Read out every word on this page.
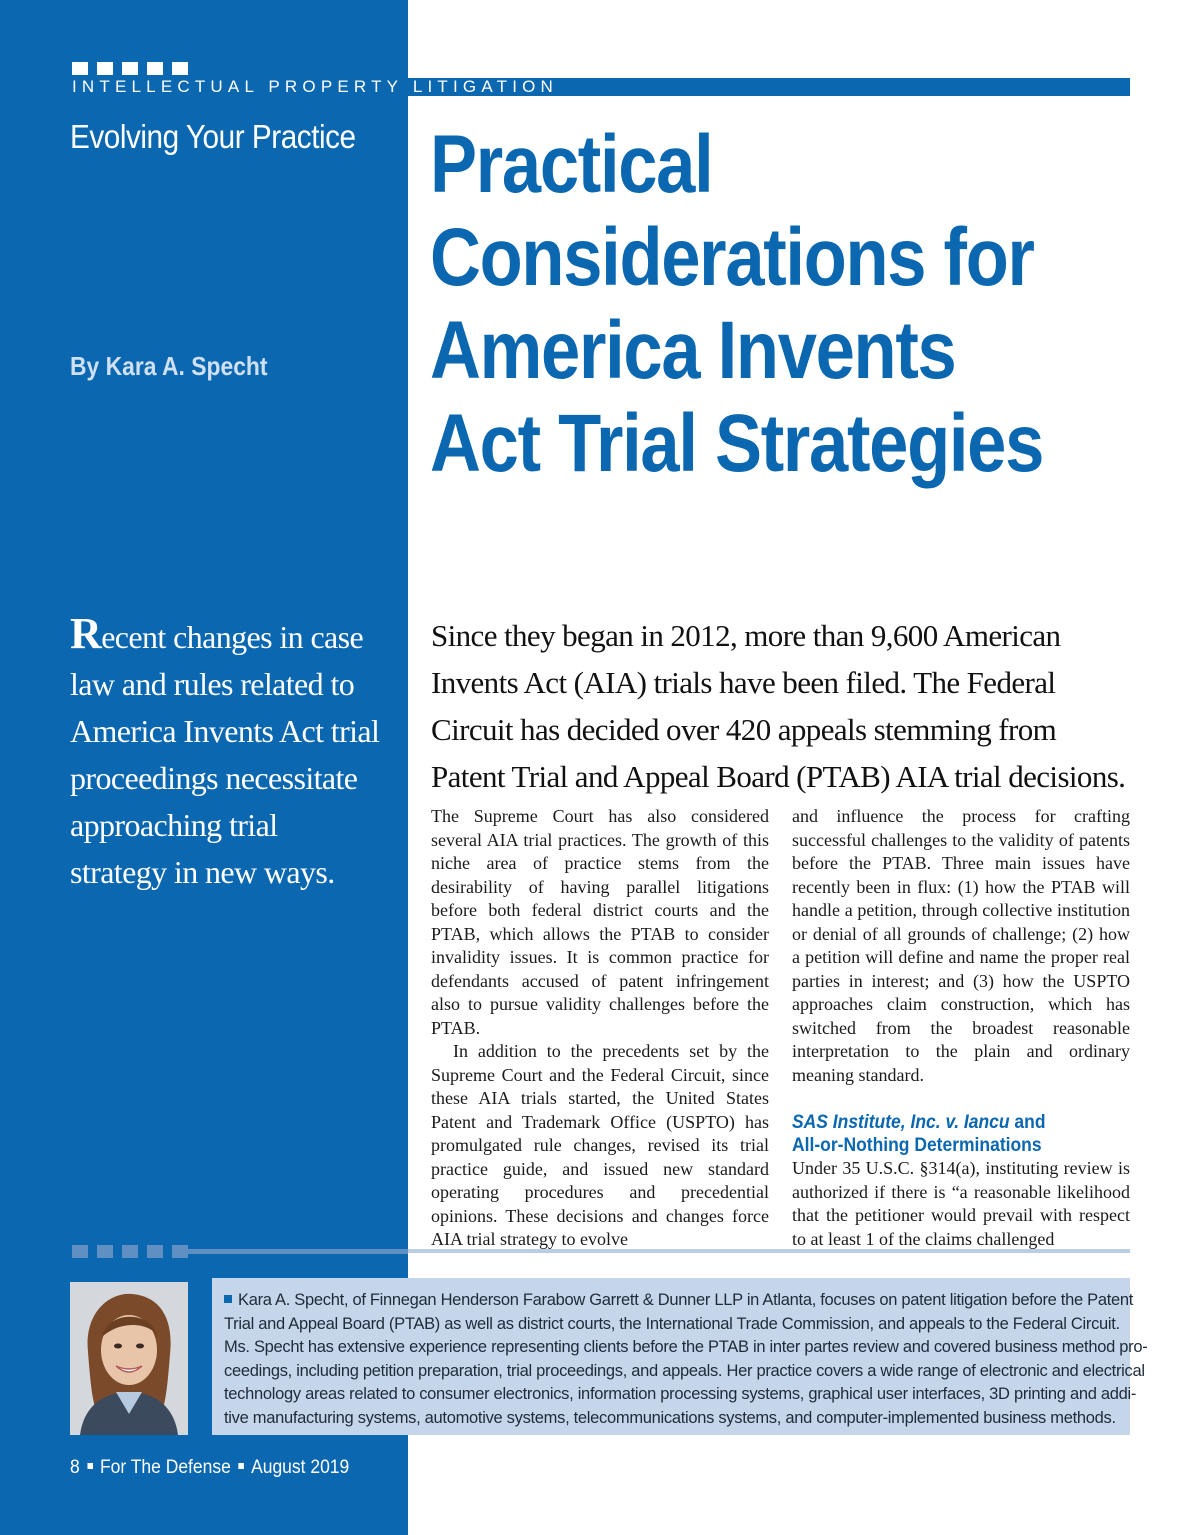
INTELLECTUAL PROPERTY LITIGATION
Evolving Your Practice
By Kara A. Specht
Practical
Considerations for
America Invents
Act Trial Strategies
Recent changes in case
law and rules related to
America Invents Act trial
proceedings necessitate
approaching trial
strategy in new ways.
Since they began in 2012, more than 9,600 American
Invents Act (AIA) trials have been filed. The Federal
Circuit has decided over 420 appeals stemming from
Patent Trial and Appeal Board (PTAB) AIA trial decisions.

The Supreme Court has also considered several AIA trial practices. The growth of this niche area of practice stems from the desirability of having parallel litigations before both federal district courts and the PTAB, which allows the PTAB to consider invalidity issues. It is common practice for defendants accused of patent infringement also to pursue validity challenges before the PTAB.

In addition to the precedents set by the Supreme Court and the Federal Circuit, since these AIA trials started, the United States Patent and Trademark Office (USPTO) has promulgated rule changes, revised its trial practice guide, and issued new standard operating procedures and precedential opinions. These decisions and changes force AIA trial strategy to evolve

and influence the process for crafting successful challenges to the validity of patents before the PTAB. Three main issues have recently been in flux: (1) how the PTAB will handle a petition, through collective institution or denial of all grounds of challenge; (2) how a petition will define and name the proper real parties in interest; and (3) how the USPTO approaches claim construction, which has switched from the broadest reasonable interpretation to the plain and ordinary meaning standard.

SAS Institute, Inc. v. Iancu and
All-or-Nothing Determinations

Under 35 U.S.C. §314(a), instituting review is authorized if there is “a reasonable likelihood that the petitioner would prevail with respect to at least 1 of the claims challenged

Kara A. Specht, of Finnegan Henderson Farabow Garrett & Dunner LLP in Atlanta, focuses on patent litigation before the Patent
Trial and Appeal Board (PTAB) as well as district courts, the International Trade Commission, and appeals to the Federal Circuit.
Ms. Specht has extensive experience representing clients before the PTAB in inter partes review and covered business method pro-
ceedings, including petition preparation, trial proceedings, and appeals. Her practice covers a wide range of electronic and electrical
technology areas related to consumer electronics, information processing systems, graphical user interfaces, 3D printing and addi-
tive manufacturing systems, automotive systems, telecommunications systems, and computer-implemented business methods.
8 For The Defense August 2019
